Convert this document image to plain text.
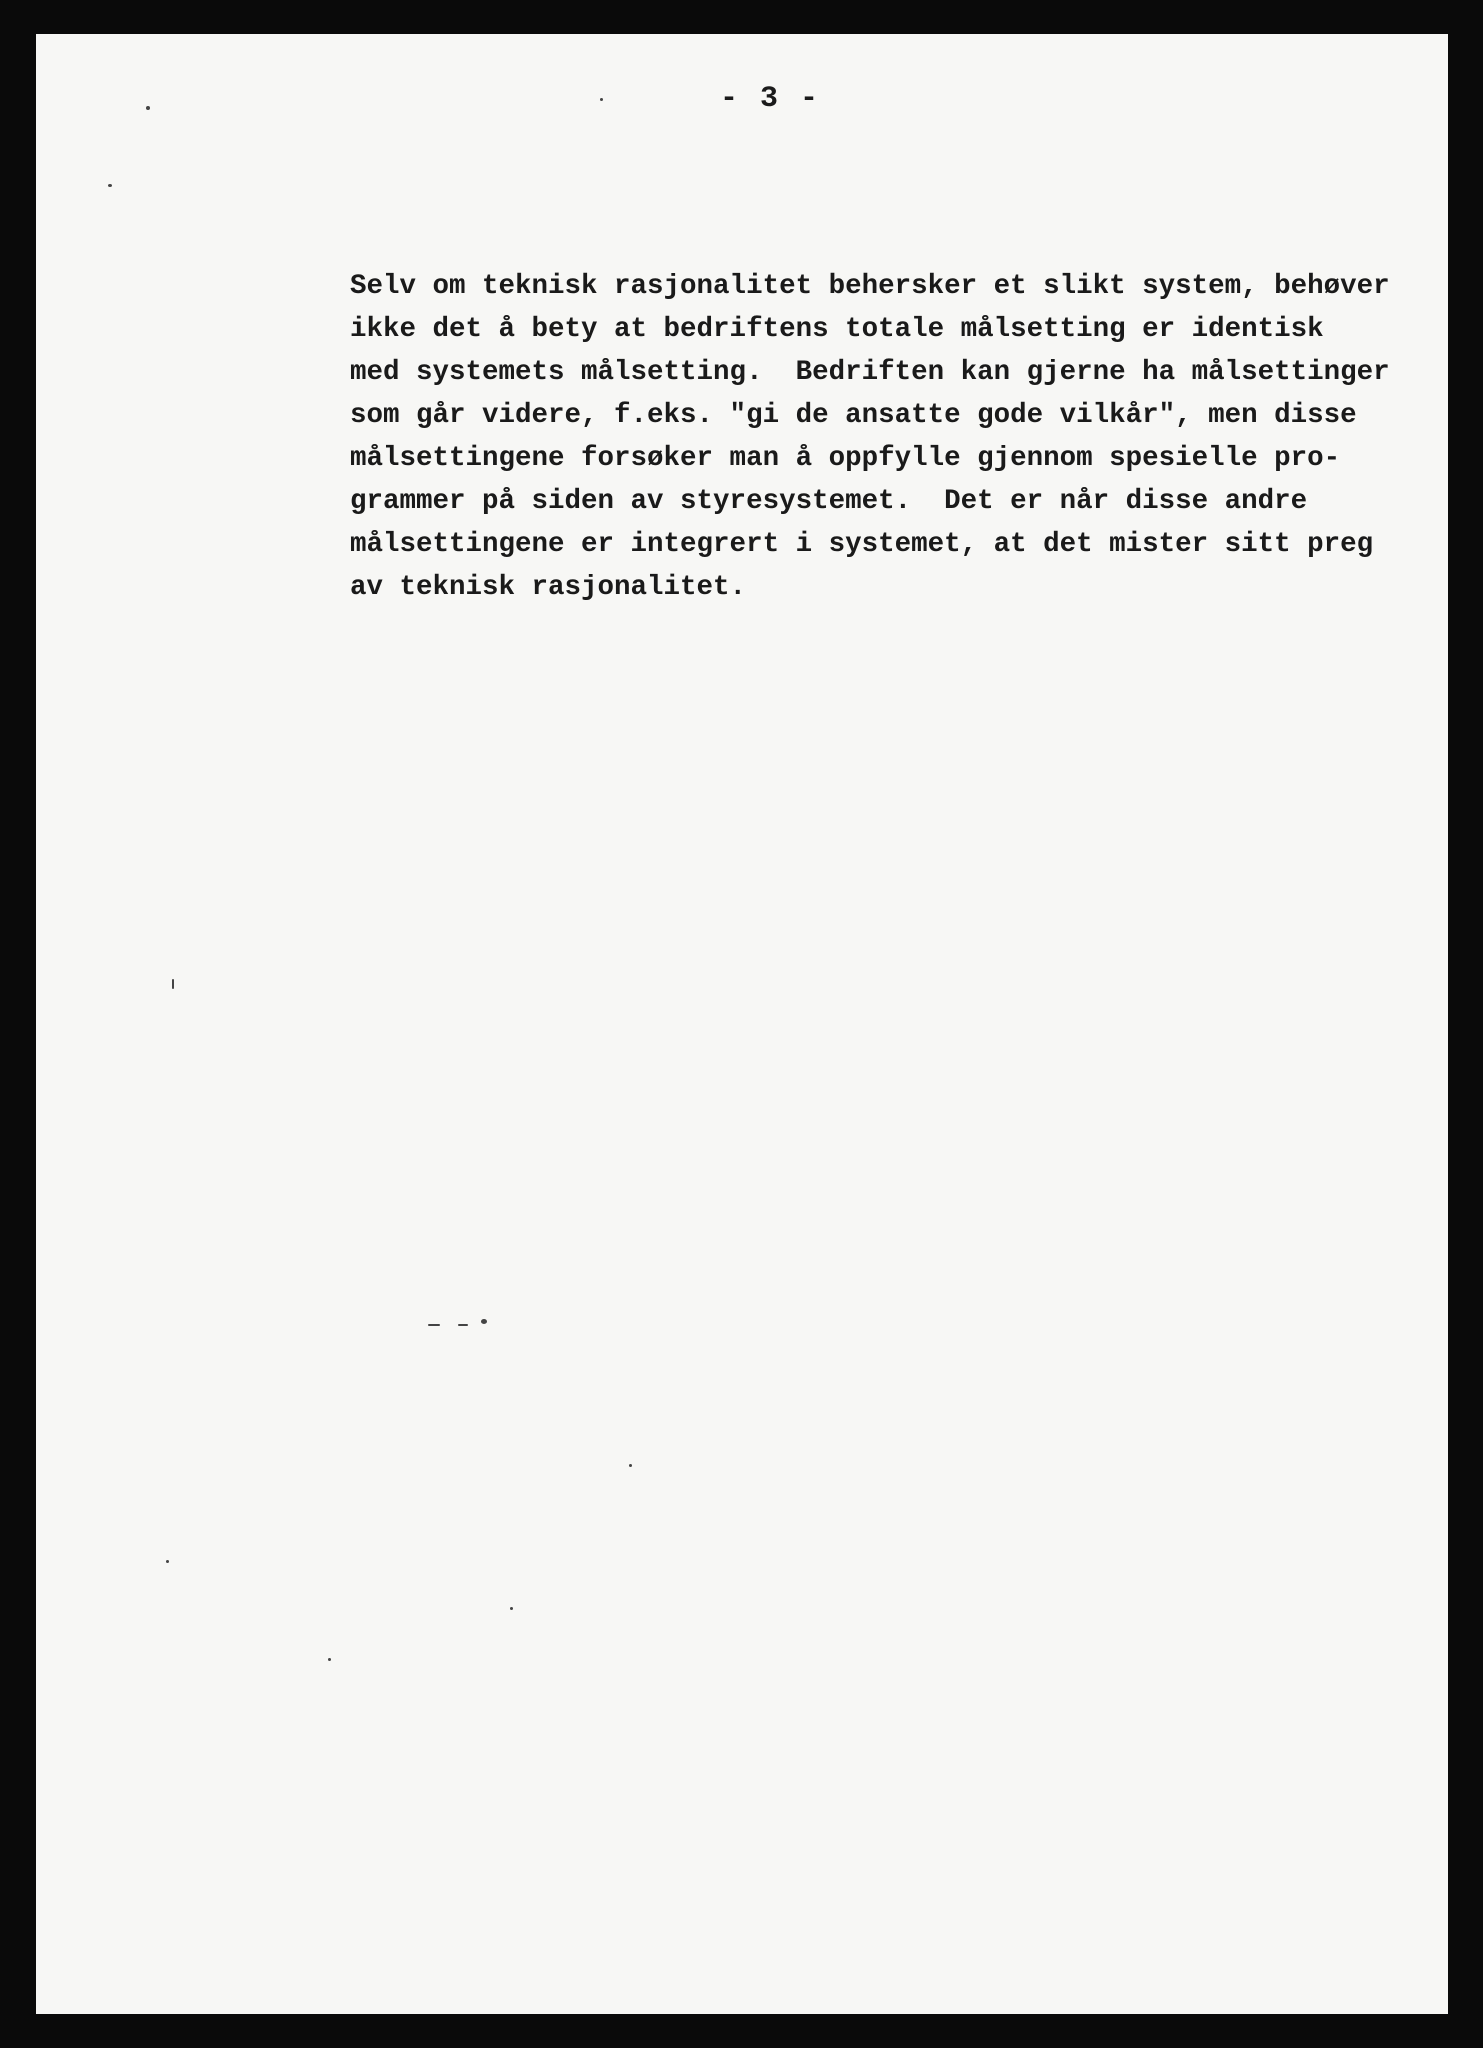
- 3 -
Selv om teknisk rasjonalitet behersker et slikt system, behøver
ikke det å bety at bedriftens totale målsetting er identisk
med systemets målsetting.  Bedriften kan gjerne ha målsettinger
som går videre, f.eks. "gi de ansatte gode vilkår", men disse
målsettingene forsøker man å oppfylle gjennom spesielle pro-
grammer på siden av styresystemet.  Det er når disse andre
målsettingene er integrert i systemet, at det mister sitt preg
av teknisk rasjonalitet.
